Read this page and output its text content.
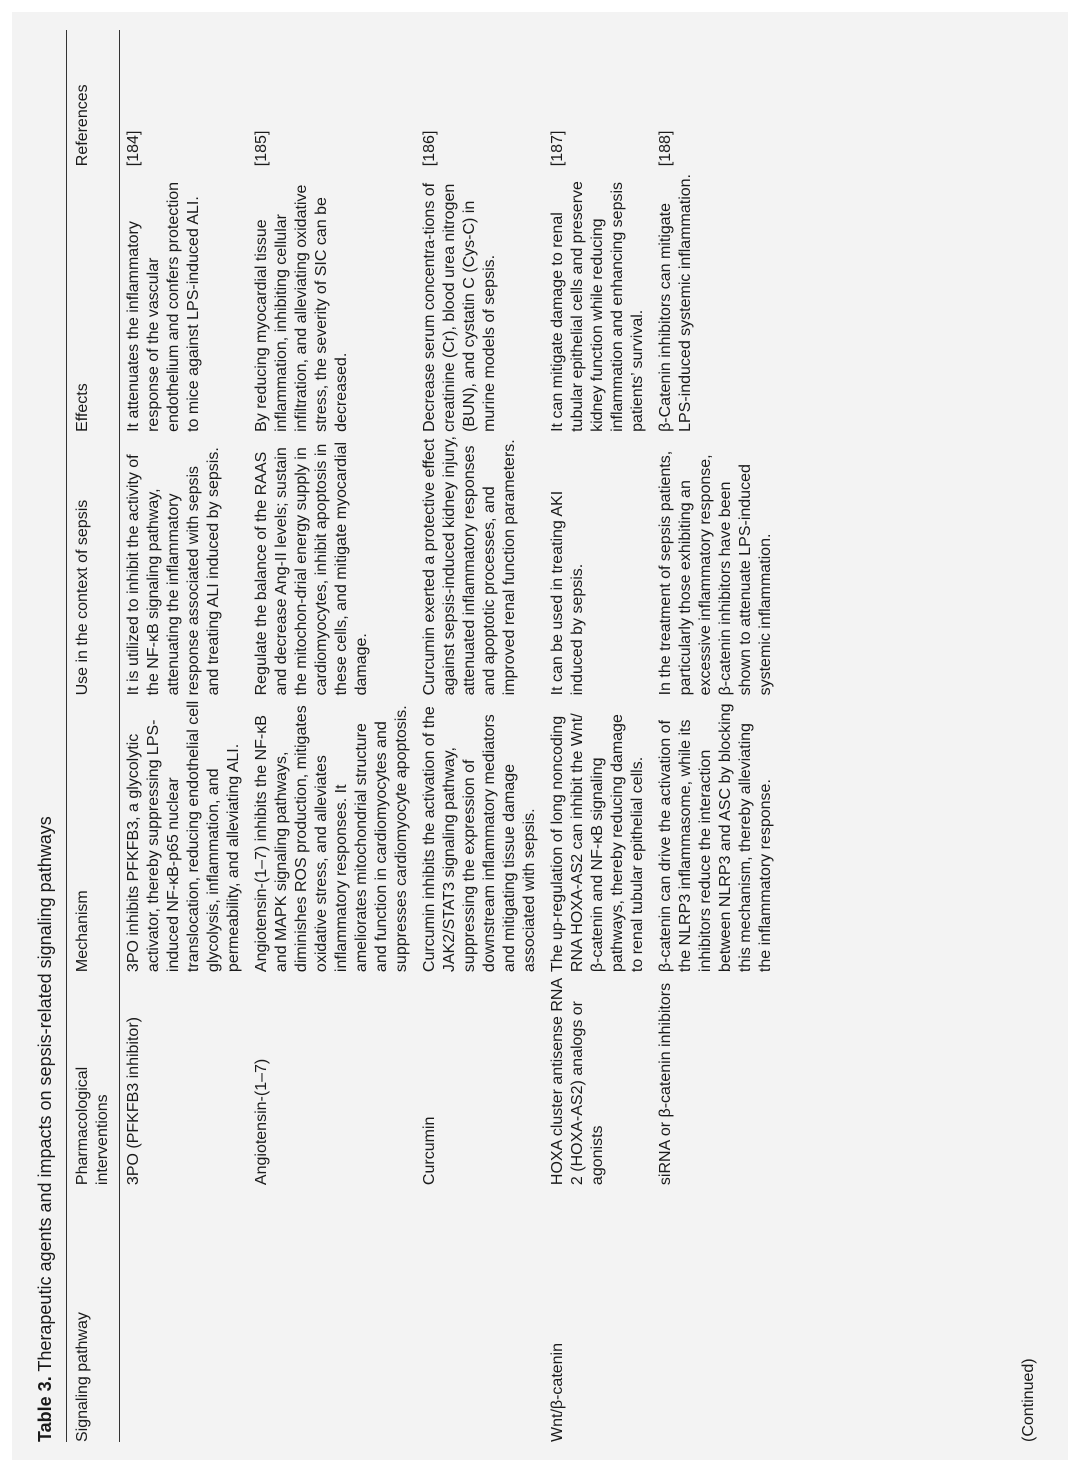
Table 3. Therapeutic agents and impacts on sepsis-related signaling pathways
Signaling pathway	Pharmacological interventions	Mechanism	Use in the context of sepsis	Effects	References
	3PO (PFKFB3 inhibitor)	3PO inhibits PFKFB3, a glycolytic activator, thereby suppressing LPS-induced NF-κB-p65 nuclear translocation, reducing endothelial cell glycolysis, inflammation, and permeability, and alleviating ALI.	It is utilized to inhibit the activity of the NF-κB signaling pathway, attenuating the inflammatory response associated with sepsis and treating ALI induced by sepsis.	It attenuates the inflammatory response of the vascular endothelium and confers protection to mice against LPS-induced ALI.	[184]
	Angiotensin-(1–7)	Angiotensin-(1–7) inhibits the NF-κB and MAPK signaling pathways, diminishes ROS production, mitigates oxidative stress, and alleviates inflammatory responses. It ameliorates mitochondrial structure and function in cardiomyocytes and suppresses cardiomyocyte apoptosis.	Regulate the balance of the RAAS and decrease Ang-II levels; sustain the mitochon-drial energy supply in cardiomyocytes, inhibit apoptosis in these cells, and mitigate myocardial damage.	By reducing myocardial tissue inflammation, inhibiting cellular infiltration, and alleviating oxidative stress, the severity of SIC can be decreased.	[185]
	Curcumin	Curcumin inhibits the activation of the JAK2/STAT3 signaling pathway, suppressing the expression of downstream inflammatory mediators and mitigating tissue damage associated with sepsis.	Curcumin exerted a protective effect against sepsis-induced kidney injury, attenuated inflammatory responses and apoptotic processes, and improved renal function parameters.	Decrease serum concentra-tions of creatinine (Cr), blood urea nitrogen (BUN), and cystatin C (Cys-C) in murine models of sepsis.	[186]
Wnt/β-catenin	HOXA cluster antisense RNA 2 (HOXA-AS2) analogs or agonists	The up-regulation of long noncoding RNA HOXA-AS2 can inhibit the Wnt/β-catenin and NF-κB signaling pathways, thereby reducing damage to renal tubular epithelial cells.	It can be used in treating AKI induced by sepsis.	It can mitigate damage to renal tubular epithelial cells and preserve kidney function while reducing inflammation and enhancing sepsis patients’ survival.	[187]
	siRNA or β-catenin inhibitors	β-catenin can drive the activation of the NLRP3 inflammasome, while its inhibitors reduce the interaction between NLRP3 and ASC by blocking this mechanism, thereby alleviating the inflammatory response.	In the treatment of sepsis patients, particularly those exhibiting an excessive inflammatory response, β-catenin inhibitors have been shown to attenuate LPS-induced systemic inflammation.	β-Catenin inhibitors can mitigate LPS-induced systemic inflammation.	[188]
(Continued)
